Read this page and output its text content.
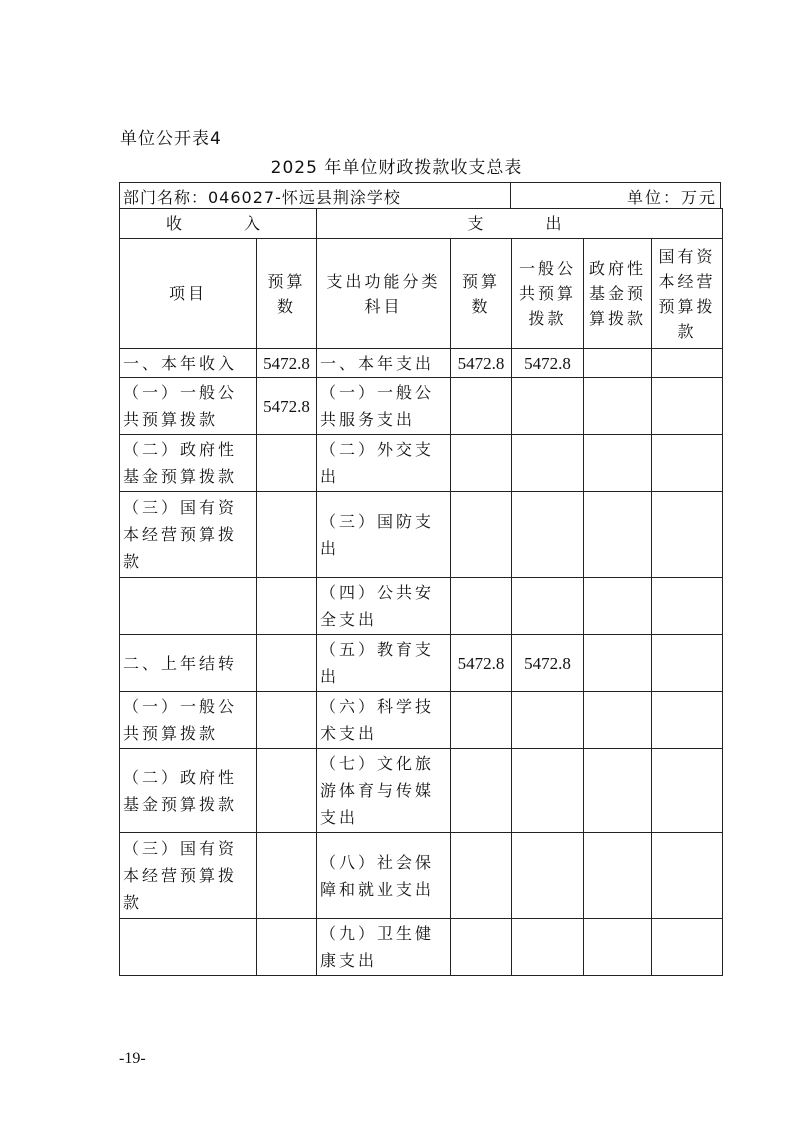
单位公开表4
2025 年单位财政拨款收支总表
部门名称：046027-怀远县荆涂学校	单位：万元
收　　入		支　　出				
项目	预算数	支出功能分类科目	预算数	一般公共预算拨款	政府性基金预算拨款	国有资本经营预算拨款
一、本年收入	5472.8	一、本年支出	5472.8	5472.8		
（一）一般公共预算拨款	5472.8	（一）一般公共服务支出				
（二）政府性基金预算拨款		（二）外交支出				
（三）国有资本经营预算拨款		（三）国防支出				
		（四）公共安全支出				
二、上年结转		（五）教育支出	5472.8	5472.8		
（一）一般公共预算拨款		（六）科学技术支出				
（二）政府性基金预算拨款		（七）文化旅游体育与传媒支出				
（三）国有资本经营预算拨款		（八）社会保障和就业支出				
		（九）卫生健康支出				
-19-
